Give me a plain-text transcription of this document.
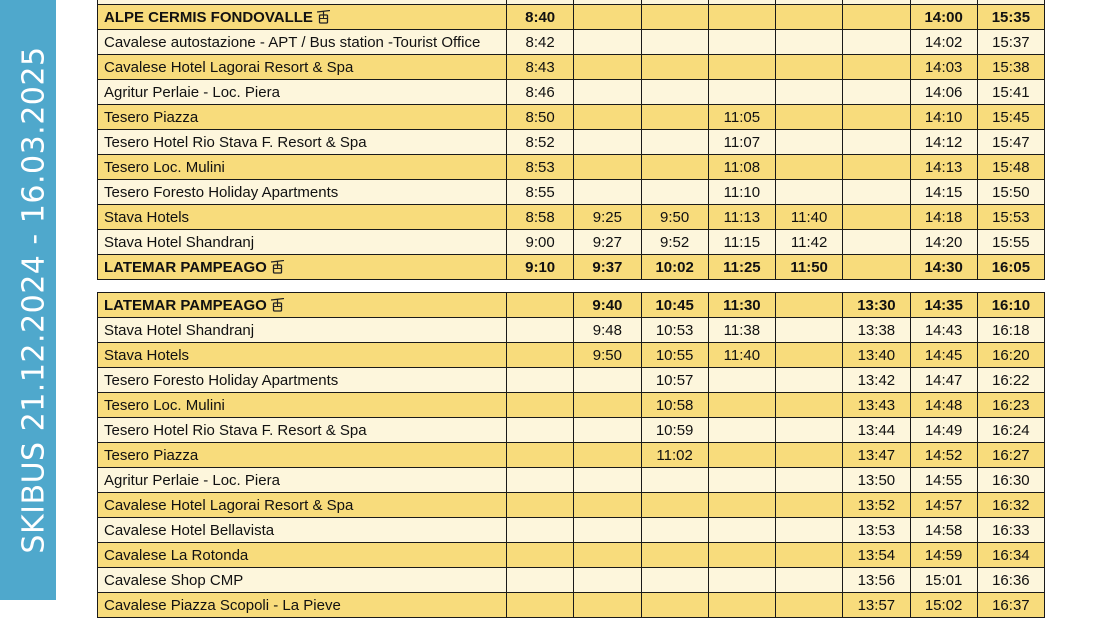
SKIBUS 21.12.2024 - 16.03.2025

ALPE CERMIS FONDOVALLE	8:40						14:00	15:35
Cavalese autostazione - APT / Bus station -Tourist Office	8:42						14:02	15:37
Cavalese Hotel Lagorai Resort & Spa	8:43						14:03	15:38
Agritur Perlaie - Loc. Piera	8:46						14:06	15:41
Tesero Piazza	8:50			11:05			14:10	15:45
Tesero Hotel Rio Stava F. Resort & Spa	8:52			11:07			14:12	15:47
Tesero Loc. Mulini	8:53			11:08			14:13	15:48
Tesero Foresto Holiday Apartments	8:55			11:10			14:15	15:50
Stava Hotels	8:58	9:25	9:50	11:13	11:40		14:18	15:53
Stava Hotel Shandranj	9:00	9:27	9:52	11:15	11:42		14:20	15:55
LATEMAR PAMPEAGO	9:10	9:37	10:02	11:25	11:50		14:30	16:05
LATEMAR PAMPEAGO		9:40	10:45	11:30		13:30	14:35	16:10
Stava Hotel Shandranj		9:48	10:53	11:38		13:38	14:43	16:18
Stava Hotels		9:50	10:55	11:40		13:40	14:45	16:20
Tesero Foresto Holiday Apartments			10:57			13:42	14:47	16:22
Tesero Loc. Mulini			10:58			13:43	14:48	16:23
Tesero Hotel Rio Stava F. Resort & Spa			10:59			13:44	14:49	16:24
Tesero Piazza			11:02			13:47	14:52	16:27
Agritur Perlaie - Loc. Piera						13:50	14:55	16:30
Cavalese Hotel Lagorai Resort & Spa						13:52	14:57	16:32
Cavalese Hotel Bellavista						13:53	14:58	16:33
Cavalese La Rotonda						13:54	14:59	16:34
Cavalese Shop CMP						13:56	15:01	16:36
Cavalese Piazza Scopoli - La Pieve						13:57	15:02	16:37
